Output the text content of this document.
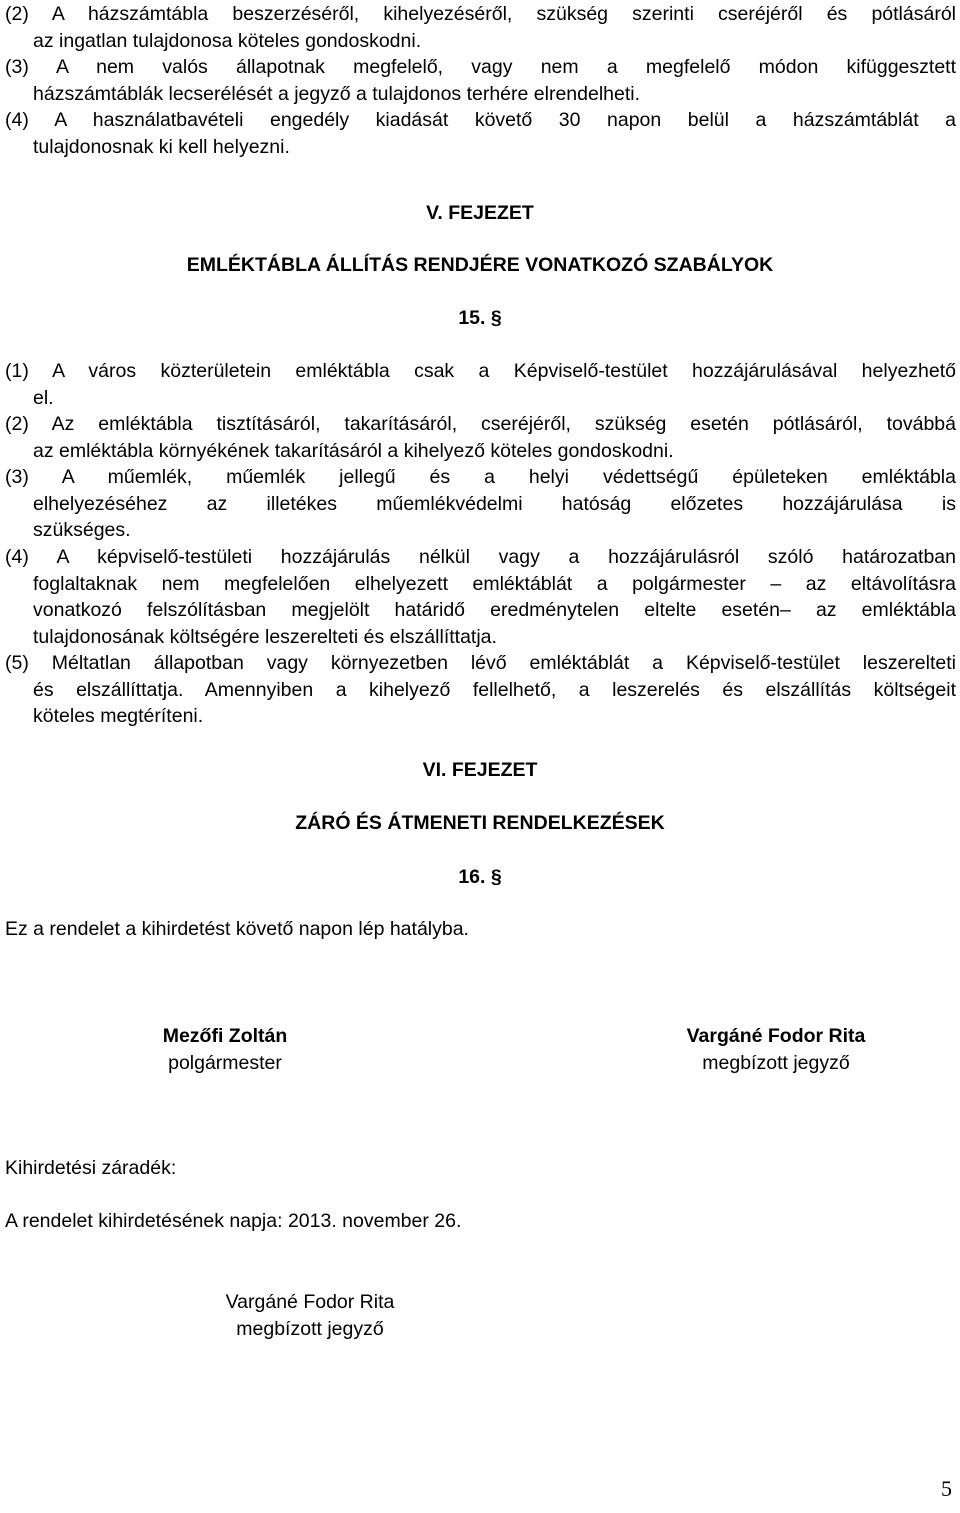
(2) A házszámtábla beszerzéséről, kihelyezéséről, szükség szerinti cseréjéről és pótlásáról

az ingatlan tulajdonosa köteles gondoskodni.

(3) A nem valós állapotnak megfelelő, vagy nem a megfelelő módon kifüggesztett

házszámtáblák lecserélését a jegyző a tulajdonos terhére elrendelheti.

(4) A használatbavételi engedély kiadását követő 30 napon belül a házszámtáblát a

tulajdonosnak ki kell helyezni.

V. FEJEZET
EMLÉKTÁBLA ÁLLÍTÁS RENDJÉRE VONATKOZÓ SZABÁLYOK
15. §

(1) A város közterületein emléktábla csak a Képviselő-testület hozzájárulásával helyezhető

el.

(2) Az emléktábla tisztításáról, takarításáról, cseréjéről, szükség esetén pótlásáról, továbbá

az emléktábla környékének takarításáról a kihelyező köteles gondoskodni.

(3) A műemlék, műemlék jellegű és a helyi védettségű épületeken emléktábla

elhelyezéséhez az illetékes műemlékvédelmi hatóság előzetes hozzájárulása is

szükséges.

(4) A képviselő-testületi hozzájárulás nélkül vagy a hozzájárulásról szóló határozatban

foglaltaknak nem megfelelően elhelyezett emléktáblát a polgármester – az eltávolításra

vonatkozó felszólításban megjelölt határidő eredménytelen eltelte esetén– az emléktábla

tulajdonosának költségére leszerelteti és elszállíttatja.

(5) Méltatlan állapotban vagy környezetben lévő emléktáblát a Képviselő-testület leszerelteti

és elszállíttatja. Amennyiben a kihelyező fellelhető, a leszerelés és elszállítás költségeit

köteles megtéríteni.

VI. FEJEZET
ZÁRÓ ÉS ÁTMENETI RENDELKEZÉSEK
16. §
Ez a rendelet a kihirdetést követő napon lép hatályba.
Mezőfi Zoltán
polgármester
Vargáné Fodor Rita
megbízott jegyző
Kihirdetési záradék:
A rendelet kihirdetésének napja: 2013. november 26.
Vargáné Fodor Rita
megbízott jegyző
5
